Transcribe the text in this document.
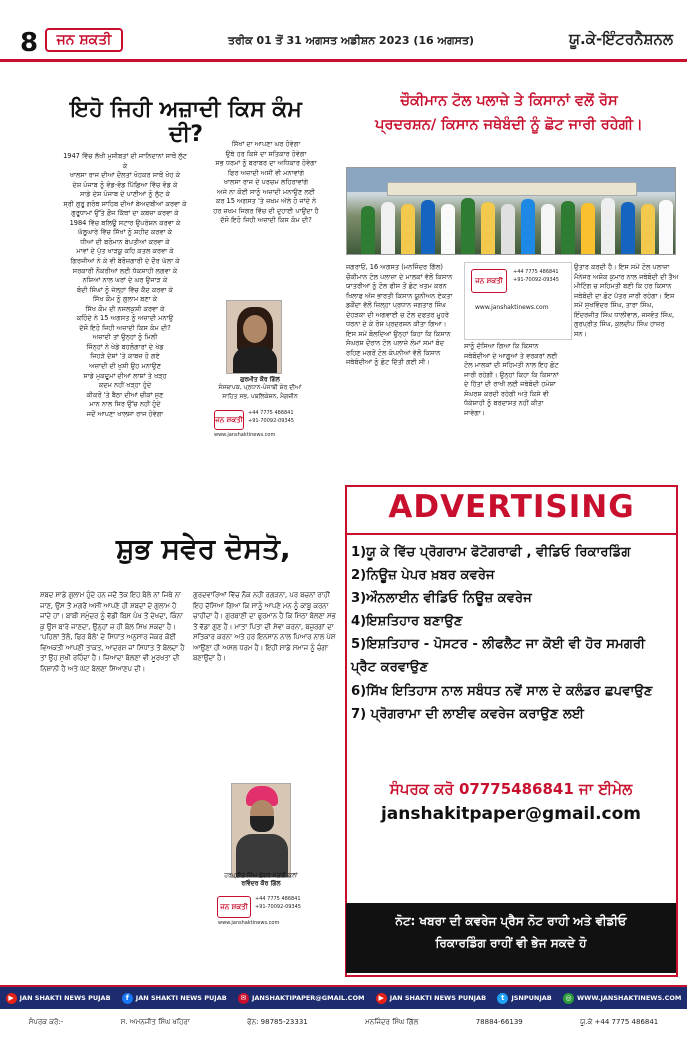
8	ਜਨ ਸ਼ਕਤੀ	ਤਰੀਕ 01 ਤੋਂ 31 ਅਗਸਤ ਅਡੀਸ਼ਨ 2023 (16 ਅਗਸਤ)	ਯੂ.ਕੇ-ਇੰਟਰਨੈਸ਼ਨਲ
ਇਹੋ ਜਿਹੀ ਅਜ਼ਾਦੀ ਕਿਸ ਕੰਮ ਦੀ?

1947 ਵਿੱਚ ਲੱਖੀ ਮੁਸੀਬਤਾਂ ਦੀ ਜਾਨਿਦਾਨਾਂ ਸਾਥੋਂ ਲੁੱਟ ਕੇ

ਖਾਲਸਾ ਰਾਜ ਦੀਆਂ ਦੌਲਤਾਂ ਖੋਹਕਰ ਸਾਥੋਂ ਖੋਹ ਕੇ

ਦੇਸ਼ ਪੰਜਾਬ ਨੂੰ ਵੰਡ-ਵੰਡ ਪਿੱਛਿਆ ਵਿੱਚ ਵੰਡ ਕੇ

ਸਾਡੇ ਦੇਸ਼ ਪੰਜਾਬ ਦੇ ਪਾਣੀਆਂ ਨੂੰ ਲੁੱਟ ਕੇ

ਸ੍ਰੀ ਗੁਰੂ ਗਰੰਥ ਸਾਹਿਬ ਦੀਆਂ ਬੇਅਦਬੀਆਂ ਕਰਵਾ ਕੇ

ਗੁਰੂਧਾਮਾਂ ਉੱਤੇ ਫ਼ੌਜ ਕਿੱਥਾਂ ਦਾ ਕਬਜ਼ਾ ਕਰਵਾ ਕੇ

1984 ਵਿੱਚ ਬਲਿਊ ਸਟਾਰ ਉਪਰੇਸ਼ਨ ਕਰਵਾ ਕੇ

ਘੱਲੂਘਾਰੇ ਵਿੱਚ ਸਿੱਖਾਂ ਨੂੰ ਸ਼ਹੀਦ ਕਰਵਾ ਕੇ

ਧੀਆਂ ਦੀ ਬਰੋਮਾਨ ਬੇਪਤੀਆਂ ਕਰਵਾ ਕੇ

ਮਾਵਾਂ ਦੇ ਪੁੱਤ ਖਾੜਕੂ ਕਹਿ ਕਤਲ ਕਰਵਾ ਕੇ

ਗਿਰਜੀਆਂ ਨੇ ਕੇ ਵੀ ਬੇਰੋਜ਼ਗਾਰੀ ਦੇ ਦੌਰ ਘੱਲਾ ਕੇ

ਸਰਕਾਰੀ ਨੌਕਰੀਆਂ ਲਈ ਧੱਕਸ਼ਾਹੀ ਲਗਵਾ ਕੇ

ਨਸ਼ਿਆਂ ਨਾਲ ਘਰਾਂ ਦੇ ਘਰ ਉਜਾੜ ਕੇ

ਬੰਦੀ ਸਿੰਘਾਂ ਨੂੰ ਜੇਲ੍ਹਾਂ ਵਿੱਚ ਕੈਦ ਕਰਵਾ ਕੇ

ਸਿੱਖ ਕੌਮ ਨੂੰ ਗੁਲਾਮ ਬਣਾ ਕੇ

ਸਿੱਖ ਕੌਮ ਦੀ ਨਸਲਕੁਸ਼ੀ ਕਰਵਾ ਕੇ

ਕਹਿੰਦੇ ਨੇ 15 ਅਗਸਤ ਨੂੰ ਅਜ਼ਾਦੀ ਮਨਾਉ

ਦੱਸੋ ਇਹੋ ਜਿਹੀ ਅਜ਼ਾਦੀ ਕਿਸ ਕੰਮ ਦੀ?

ਅਜ਼ਾਦੀ ਤਾਂ ਉਨ੍ਹਾਂ ਨੂੰ ਮਿਲੀ

ਜਿੰਨ੍ਹਾਂ ਨੇ ਖੇਡੇ ਬਹਲੋਗਾਰਾਂ ਦੇ ਖੇਡ

ਜਿਹੜੇ ਦੇਸ਼ਾਂ 'ਤੇ ਕਾਬਜ਼ ਹੋ ਗਏ

ਅਜ਼ਾਦੀ ਦੀ ਖੁਸ਼ੀ ਉਹ ਮਨਾਉਣ

ਸਾਡੇ ਮੁਕਦੂਮਾਂ ਦੀਆਂ ਲਾਸ਼ਾਂ ਤੇ ਖੜ੍ਹ

ਕਦਮ ਨਹੀਂ ਖੜ੍ਹਾ ਹੁੰਦੇ

ਕੀਕਰੋਂ 'ਤੇ ਬੈਠਾ ਦੀਆਂ ਚੀਕਾਂ ਸੁਣ

ਮਾਨ ਨਾਲ ਸਿਰ ਉੱਚ ਨਹੀਂ ਹੁੰਦੇ

ਜਦੋਂ ਆਪਣਾ ਖਾਲਸਾ ਰਾਜ ਹੋਵੇਗਾ

ਸਿੱਖਾਂ ਦਾ ਆਪਣਾ ਘਰ ਹੋਵੇਗਾ

ਉਥੇ ਹਰ ਕਿਸੇ ਦਾ ਸਤਿਕਾਰ ਹੋਵੇਗਾ

ਸਭ ਧਰਮਾਂ ਨੂੰ ਬਰਾਬਰ ਦਾ ਅਧਿਕਾਰ ਹੋਵੇਗਾ

ਫਿਰ ਅਜ਼ਾਦੀ ਅਸੀਂ ਵੀ ਮਨਾਵਾਂਗੇ

ਖਾਲਸਾ ਰਾਜ ਦੇ ਪਰਚਮ ਲਹਿਰਾਵਾਂਗੇ

ਅਜੇ ਨਾ ਕੋਈ ਸਾਨੂੰ ਅਜ਼ਾਦੀ ਮਨਾਉਣ ਲਈ

ਕਰ 15 ਅਗਸਤ 'ਤੇ ਜ਼ਖ਼ਮ ਅੱਲੇ ਹੋ ਜਾਂਦੇ ਨੇ

ਹਰ ਜ਼ਖ਼ਮ ਜਿਗਰ ਵਿੱਚ ਦੀ ਦੁਹਾਈ ਪਾਉਂਦਾ ਹੈ

ਦੱਸੋ ਇਹੋ ਜਿਹੀ ਅਜ਼ਾਦੀ ਕਿਸ ਕੰਮ ਦੀ?

ਗੁਰਮੀਤ ਕੌਰ ਗਿੱਲ
ਸੰਸਥਾਪਕ, ਪ੍ਰਧਾਨ-ਪੰਜਾਬੀ ਸ਼ੇਰ ਦੀਆਂ
ਸਾਹਿਤ ਸਭ, ਪਬਲਿਕੇਸ਼ਨ, ਮੈਗਜ਼ੀਨ
ਜਨ ਸ਼ਕਤੀ
+44 7775 486841
+91-70092-09345
www.janshaktinews.com
ਚੌਕੀਮਾਨ ਟੋਲ ਪਲਾਜ਼ੇ ਤੇ ਕਿਸਾਨਾਂ ਵਲੋਂ ਰੋਸ
ਪ੍ਰਦਰਸ਼ਨ/ ਕਿਸਾਨ ਜਥੇਬੰਦੀ ਨੂੰ ਛੋਟ ਜਾਰੀ ਰਹੇਗੀ।
ਜਗਰਾਓਂ, 16 ਅਗਸਤ (ਮਨਜਿੰਦਰ ਗਿੱਲ) ਚੌਕੀਮਾਨ ਟੋਲ ਪਲਾਜ਼ਾ ਦੇ ਮਾਲਕਾਂ ਵੱਲੋਂ ਕਿਸਾਨ ਯਾਤਰੀਆਂ ਨੂੰ ਟੋਲ ਫੀਸ ਤੋਂ ਛੋਟ ਖਤਮ ਕਰਨ ਖਿਲਾਫ ਅੱਜ ਭਾਰਤੀ ਕਿਸਾਨ ਯੂਨੀਅਨ ਏਕਤਾ ਡਕੌਂਦਾ ਵੱਲੋਂ ਜ਼ਿਲ੍ਹਾ ਪ੍ਰਧਾਨ ਜਗਤਾਰ ਸਿੰਘ ਦੇਹੜਕਾ ਦੀ ਅਗਵਾਈ ਚ ਟੋਲ ਦਫਤਰ ਮੂਹਰੇ ਧਰਨਾ ਦੇ ਕੇ ਰੋਸ ਪ੍ਰਦਰਸ਼ਨ ਕੀਤਾ ਗਿਆ। ਇਸ ਸਮੇਂ ਬੋਲਦਿਆਂ ਉਨ੍ਹਾਂ ਕਿਹਾ ਕਿ ਕਿਸਾਨ ਸੰਘਰਸ਼ ਦੌਰਾਨ ਟੋਲ ਪਲਾਜ਼ੇ ਲੰਮਾਂ ਸਮਾਂ ਬੰਦ ਰਹਿਣ ਮਗਰੋਂ ਟੋਲ ਕੰਪਨੀਆਂ ਵੱਲੋਂ ਕਿਸਾਨ ਜਥੇਬੰਦੀਆਂ ਨੂੰ ਛੋਟ ਦਿੱਤੀ ਗਈ ਸੀ।
ਜਨ ਸ਼ਕਤੀ
+44 7775 486841
+91-70092-09345
www.janshaktinews.com
ਸਾਨੂੰ ਦੱਸਿਆ ਗਿਆ ਕਿ ਕਿਸਾਨ ਜਥੇਬੰਦੀਆਂ ਦੇ ਆਗੂਆਂ ਤੇ ਵਰਕਰਾਂ ਲਈ ਟੋਲ ਮਾਲਕਾਂ ਦੀ ਸਹਿਮਤੀ ਨਾਲ ਇਹ ਛੋਟ ਜਾਰੀ ਰਹੇਗੀ। ਉਨ੍ਹਾਂ ਕਿਹਾ ਕਿ ਕਿਸਾਨਾਂ ਦੇ ਹਿੱਤਾਂ ਦੀ ਰਾਖੀ ਲਈ ਜਥੇਬੰਦੀ ਹਮੇਸ਼ਾ ਸੰਘਰਸ਼ ਕਰਦੀ ਰਹੇਗੀ ਅਤੇ ਕਿਸੇ ਵੀ ਧੱਕੇਸ਼ਾਹੀ ਨੂੰ ਬਰਦਾਸ਼ਤ ਨਹੀਂ ਕੀਤਾ ਜਾਵੇਗਾ।
ਉਤਾਰ ਕਰਦੀ ਹੈ। ਇਸ ਸਮੇਂ ਟੋਲ ਪਲਾਜ਼ਾ ਮੈਨੇਜਰ ਅਸ਼ੋਕ ਕੁਮਾਰ ਨਾਲ ਜਥੇਬੰਦੀ ਦੀ ਤੈਅ ਮੀਟਿੰਗ ਚ ਸਹਿਮਤੀ ਬਣੀ ਕਿ ਹਰ ਕਿਸਾਨ ਜਥੇਬੰਦੀ ਦਾ ਛੋਟ ਪੱਤਰ ਜਾਰੀ ਰਹੇਗਾ। ਇਸ ਸਮੇਂ ਸੁਖਵਿੰਦਰ ਸਿੰਘ, ਤਾਰਾ ਸਿੰਘ, ਇੰਦਰਜੀਤ ਸਿੰਘ ਧਾਲੀਵਾਲ, ਜਸਵੰਤ ਸਿੰਘ, ਗੁਰਪ੍ਰੀਤ ਸਿੰਘ, ਕੁਲਦੀਪ ਸਿੰਘ ਹਾਜ਼ਰ ਸਨ।
ਸ਼ੁਭ ਸਵੇਰ ਦੋਸਤੋ,
ਸ਼ਬਦ ਸਾਡੇ ਗੁਲਾਮ ਹੁੰਦੇ ਹਨ ਜਦੋਂ ਤੱਕ ਇਹ ਬੋਲੇ ਨਾਂ ਜਿਥੇ ਨਾ ਜਾਣ, ਉਸ ਤੋਂ ਮਗਰੋਂ ਅਸੀਂ ਆਪਣੇ ਹੀ ਸ਼ਬਦਾਂ ਦੇ ਗੁਲਾਮ ਹੋ ਜਾਂਦੇ ਹਾਂ। ਬਾਬੀ ਸਮੁੰਦਰ ਨੂੰ ਵੱਡੀ ਬਿਸ ਪੰਖ ਤੋਂ ਦੇਖਦਾ, ਕਿੰਨਾ ਕੁ ਉਸ ਬਾਰੇ ਜਾਣਦਾ, ਉਨ੍ਹਾਂ ਜ਼ ਹੀ ਬੋਲ ਸਿਖ ਸਕਦਾ ਹੈ। 'ਪਹਿਲਾਂ ਤੋਲੋ, ਫਿਰ ਬੋਲੋ' ਦੇ ਸਿਧਾਂਤ ਅਨੁਸਾਰ ਜੇਕਰ ਕੋਈ ਵਿਅਕਤੀ ਆਪਣੀ ਤਾਕਤ, ਆਦਰਸ਼ ਜਾਂ ਸਿਧਾਂਤ ਤੋਂ ਬੋਲਦਾ ਹੈ ਤਾਂ ਉਹ ਸੁਖੀ ਰਹਿੰਦਾ ਹੈ। ਜ਼ਿਆਦਾ ਬੋਲਣਾ ਵੀ ਮੂਰਖਤਾ ਦੀ ਨਿਸ਼ਾਨੀ ਹੈ ਅਤੇ ਘੱਟ ਬੋਲਣਾ ਸਿਆਣਪ ਦੀ।
ਗੁਰਦਵਾਰਿਆਂ ਵਿੱਚ ਨੌਕ ਨਹੀਂ ਰਗੜਨਾ, ਪਰ ਬਚਨਾਂ ਰਾਹੀਂ ਇਹ ਦੱਸਿਆ ਗਿਆ ਕਿ ਸਾਨੂੰ ਆਪਣੇ ਮਨ ਨੂੰ ਕਾਬੂ ਕਰਨਾ ਚਾਹੀਦਾ ਹੈ। ਗੁਰਬਾਣੀ ਦਾ ਫੁਰਮਾਨ ਹੈ ਕਿ ਮਿੱਠਾ ਬੋਲਣਾ ਸਭ ਤੋਂ ਵੱਡਾ ਗੁਣ ਹੈ। ਮਾਤਾ ਪਿਤਾ ਦੀ ਸੇਵਾ ਕਰਨਾ, ਬਜ਼ੁਰਗਾਂ ਦਾ ਸਤਿਕਾਰ ਕਰਨਾ ਅਤੇ ਹਰ ਇਨਸਾਨ ਨਾਲ ਪਿਆਰ ਨਾਲ ਪੇਸ਼ ਆਉਣਾ ਹੀ ਅਸਲ ਧਰਮ ਹੈ। ਇਹੀ ਸਾਡੇ ਸਮਾਜ ਨੂੰ ਚੰਗਾ ਬਣਾਉਂਦਾ ਹੈ।
ਰਵਿੰਦਰ ਕੌਰ ਗਿੱਲ
ਜਨ ਸ਼ਕਤੀ
+44 7775 486841
+91-70092-09345
www.janshaktinews.com
ਹਰਪ੍ਰੀਤ ਸਿੰਘ ਬੁੱਗਰ ਮੰਤਰੀ ਕਲਾਂ
ADVERTISING
1)ਯੂ ਕੇ ਵਿੱਚ ਪ੍ਰੋਗਰਾਮ ਫੋਟੋਗਰਾਫੀ , ਵੀਡਿਓ ਰਿਕਾਰਡਿੰਗ
2)ਨਿਊਜ਼ ਪੇਪਰ ਖ਼ਬਰ ਕਵਰੇਜ
3)ਔਨਲਾਈਨ ਵੀਡਿਓ ਨਿਊਜ਼ ਕਵਰੇਜ
4)ਇਸ਼ਤਿਹਾਰ ਬਣਾਉਣ
5)ਇਸ਼ਤਿਹਾਰ - ਪੋਸਟਰ - ਲੀਫਲੈਟ ਜਾ ਕੋਈ ਵੀ ਹੋਰ ਸਮਗਰੀ ਪ੍ਰੈਟ ਕਰਵਾਉਣ
6)ਸਿੱਖ ਇਤਿਹਾਸ ਨਾਲ ਸਬੰਧਤ ਨਵੇਂ ਸਾਲ ਦੇ ਕਲੰਡਰ ਛਪਵਾਉਣ
7) ਪ੍ਰੋਗਰਾਮਾ ਦੀ ਲਾਈਵ ਕਵਰੇਜ ਕਰਾਉਣ ਲਈ
ਸੰਪਰਕ ਕਰੋ 07775486841 ਜਾ ਈਮੇਲ
janshakitpaper@gmail.com
ਨੋਟ: ਖਬਰਾ ਦੀ ਕਵਰੇਜ ਪ੍ਰੈਸ ਨੋਟ ਰਾਹੀ ਅਤੇ ਵੀਡੀਓ
ਰਿਕਾਰਡਿੰਗ ਰਾਹੀਂ ਵੀ ਭੇਜ ਸਕਦੇ ਹੋ
▶ JAN SHAKTI NEWS PUJAB	f	JAN SHAKTI NEWS PUJAB	✉ JANSHAKTIPAPER@GMAIL.COM	▶ JAN SHAKTI NEWS PUNJAB	t	JSNPUNJAB	◎ WWW.JANSHAKTINEWS.COM
ਸੰਪਰਕ ਕਰੋ:-	ਸ. ਅਮਨਜੀਤ ਸਿੰਘ ਖਹਿਰਾ	ਫੋਨ: 98785-23331	ਮਨਜਿੰਦਰ ਸਿੰਘ ਗਿੱਲ	78884-66139	ਯੂ.ਕੇ +44 7775 486841
